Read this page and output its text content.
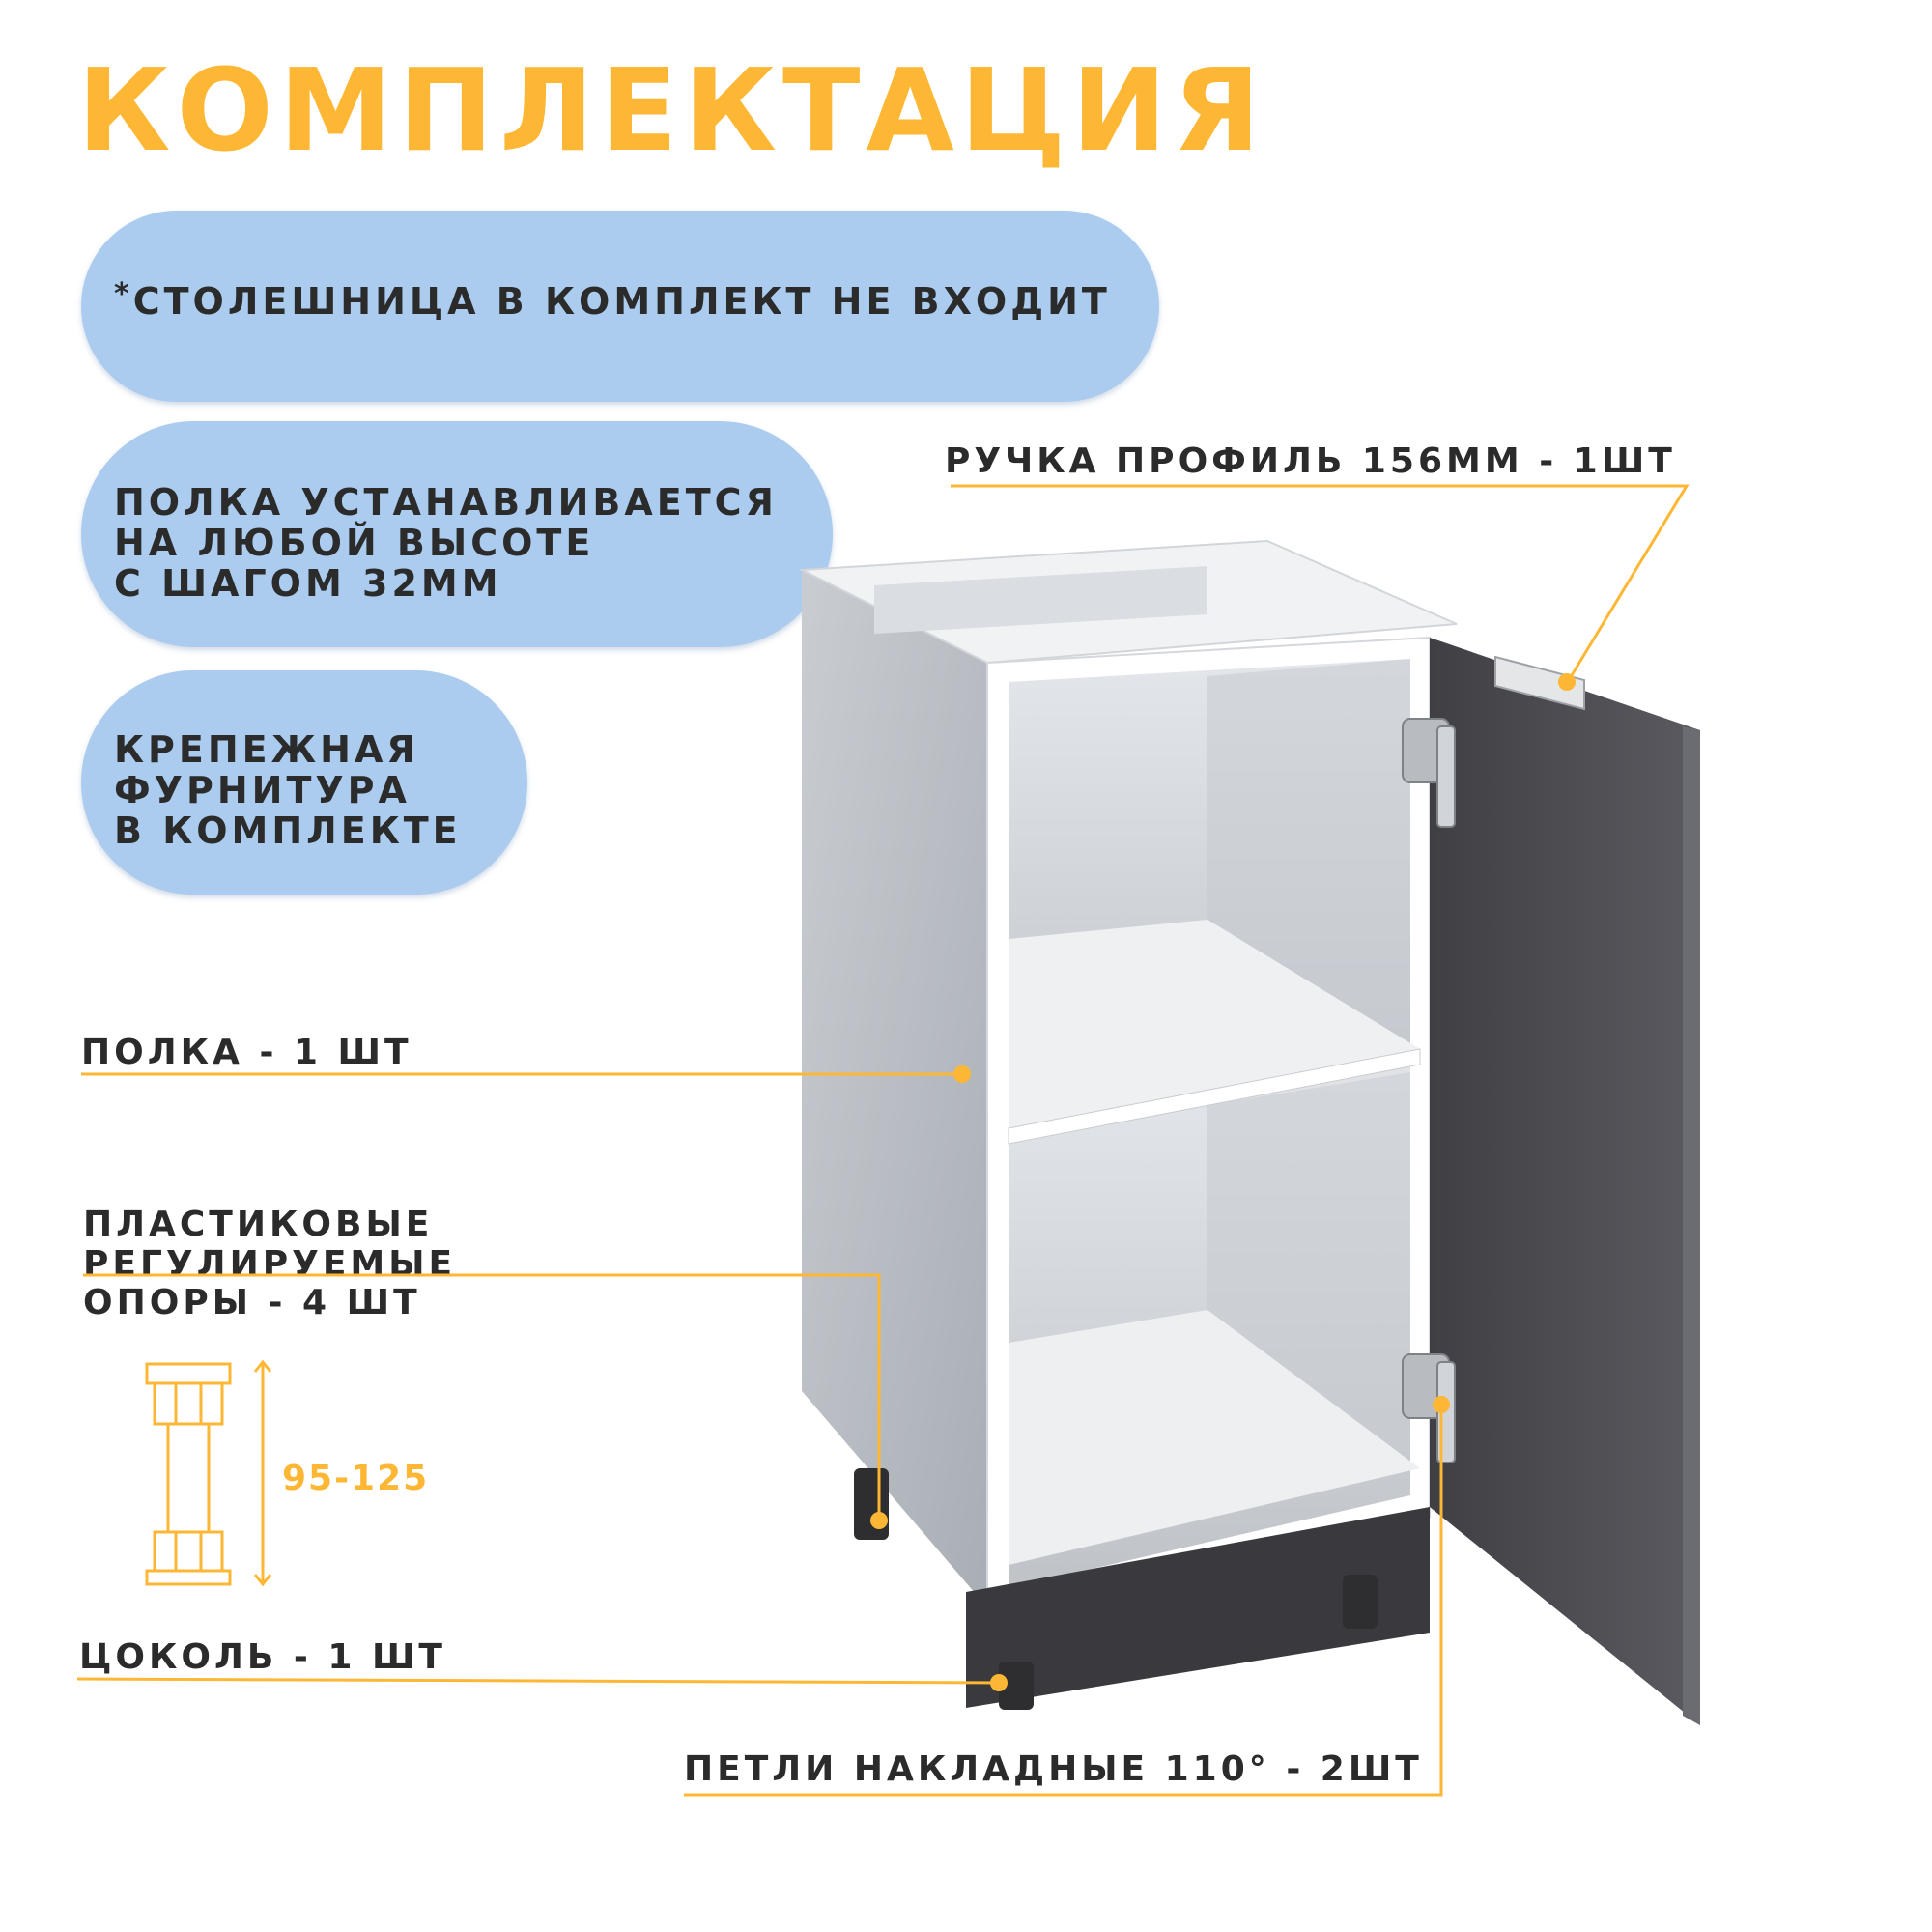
КОМПЛЕКТАЦИЯ
*СТОЛЕШНИЦА В КОМПЛЕКТ НЕ ВХОДИТ
ПОЛКА УСТАНАВЛИВАЕТСЯ
НА ЛЮБОЙ ВЫСОТЕ
С ШАГОМ 32ММ
КРЕПЕЖНАЯ
ФУРНИТУРА
В КОМПЛЕКТЕ
РУЧКА ПРОФИЛЬ 156ММ - 1ШТ
ПОЛКА - 1 ШТ
ПЛАСТИКОВЫЕ
РЕГУЛИРУЕМЫЕ
ОПОРЫ - 4 ШТ
ЦОКОЛЬ - 1 ШТ
ПЕТЛИ НАКЛАДНЫЕ 110° - 2ШТ
95-125
